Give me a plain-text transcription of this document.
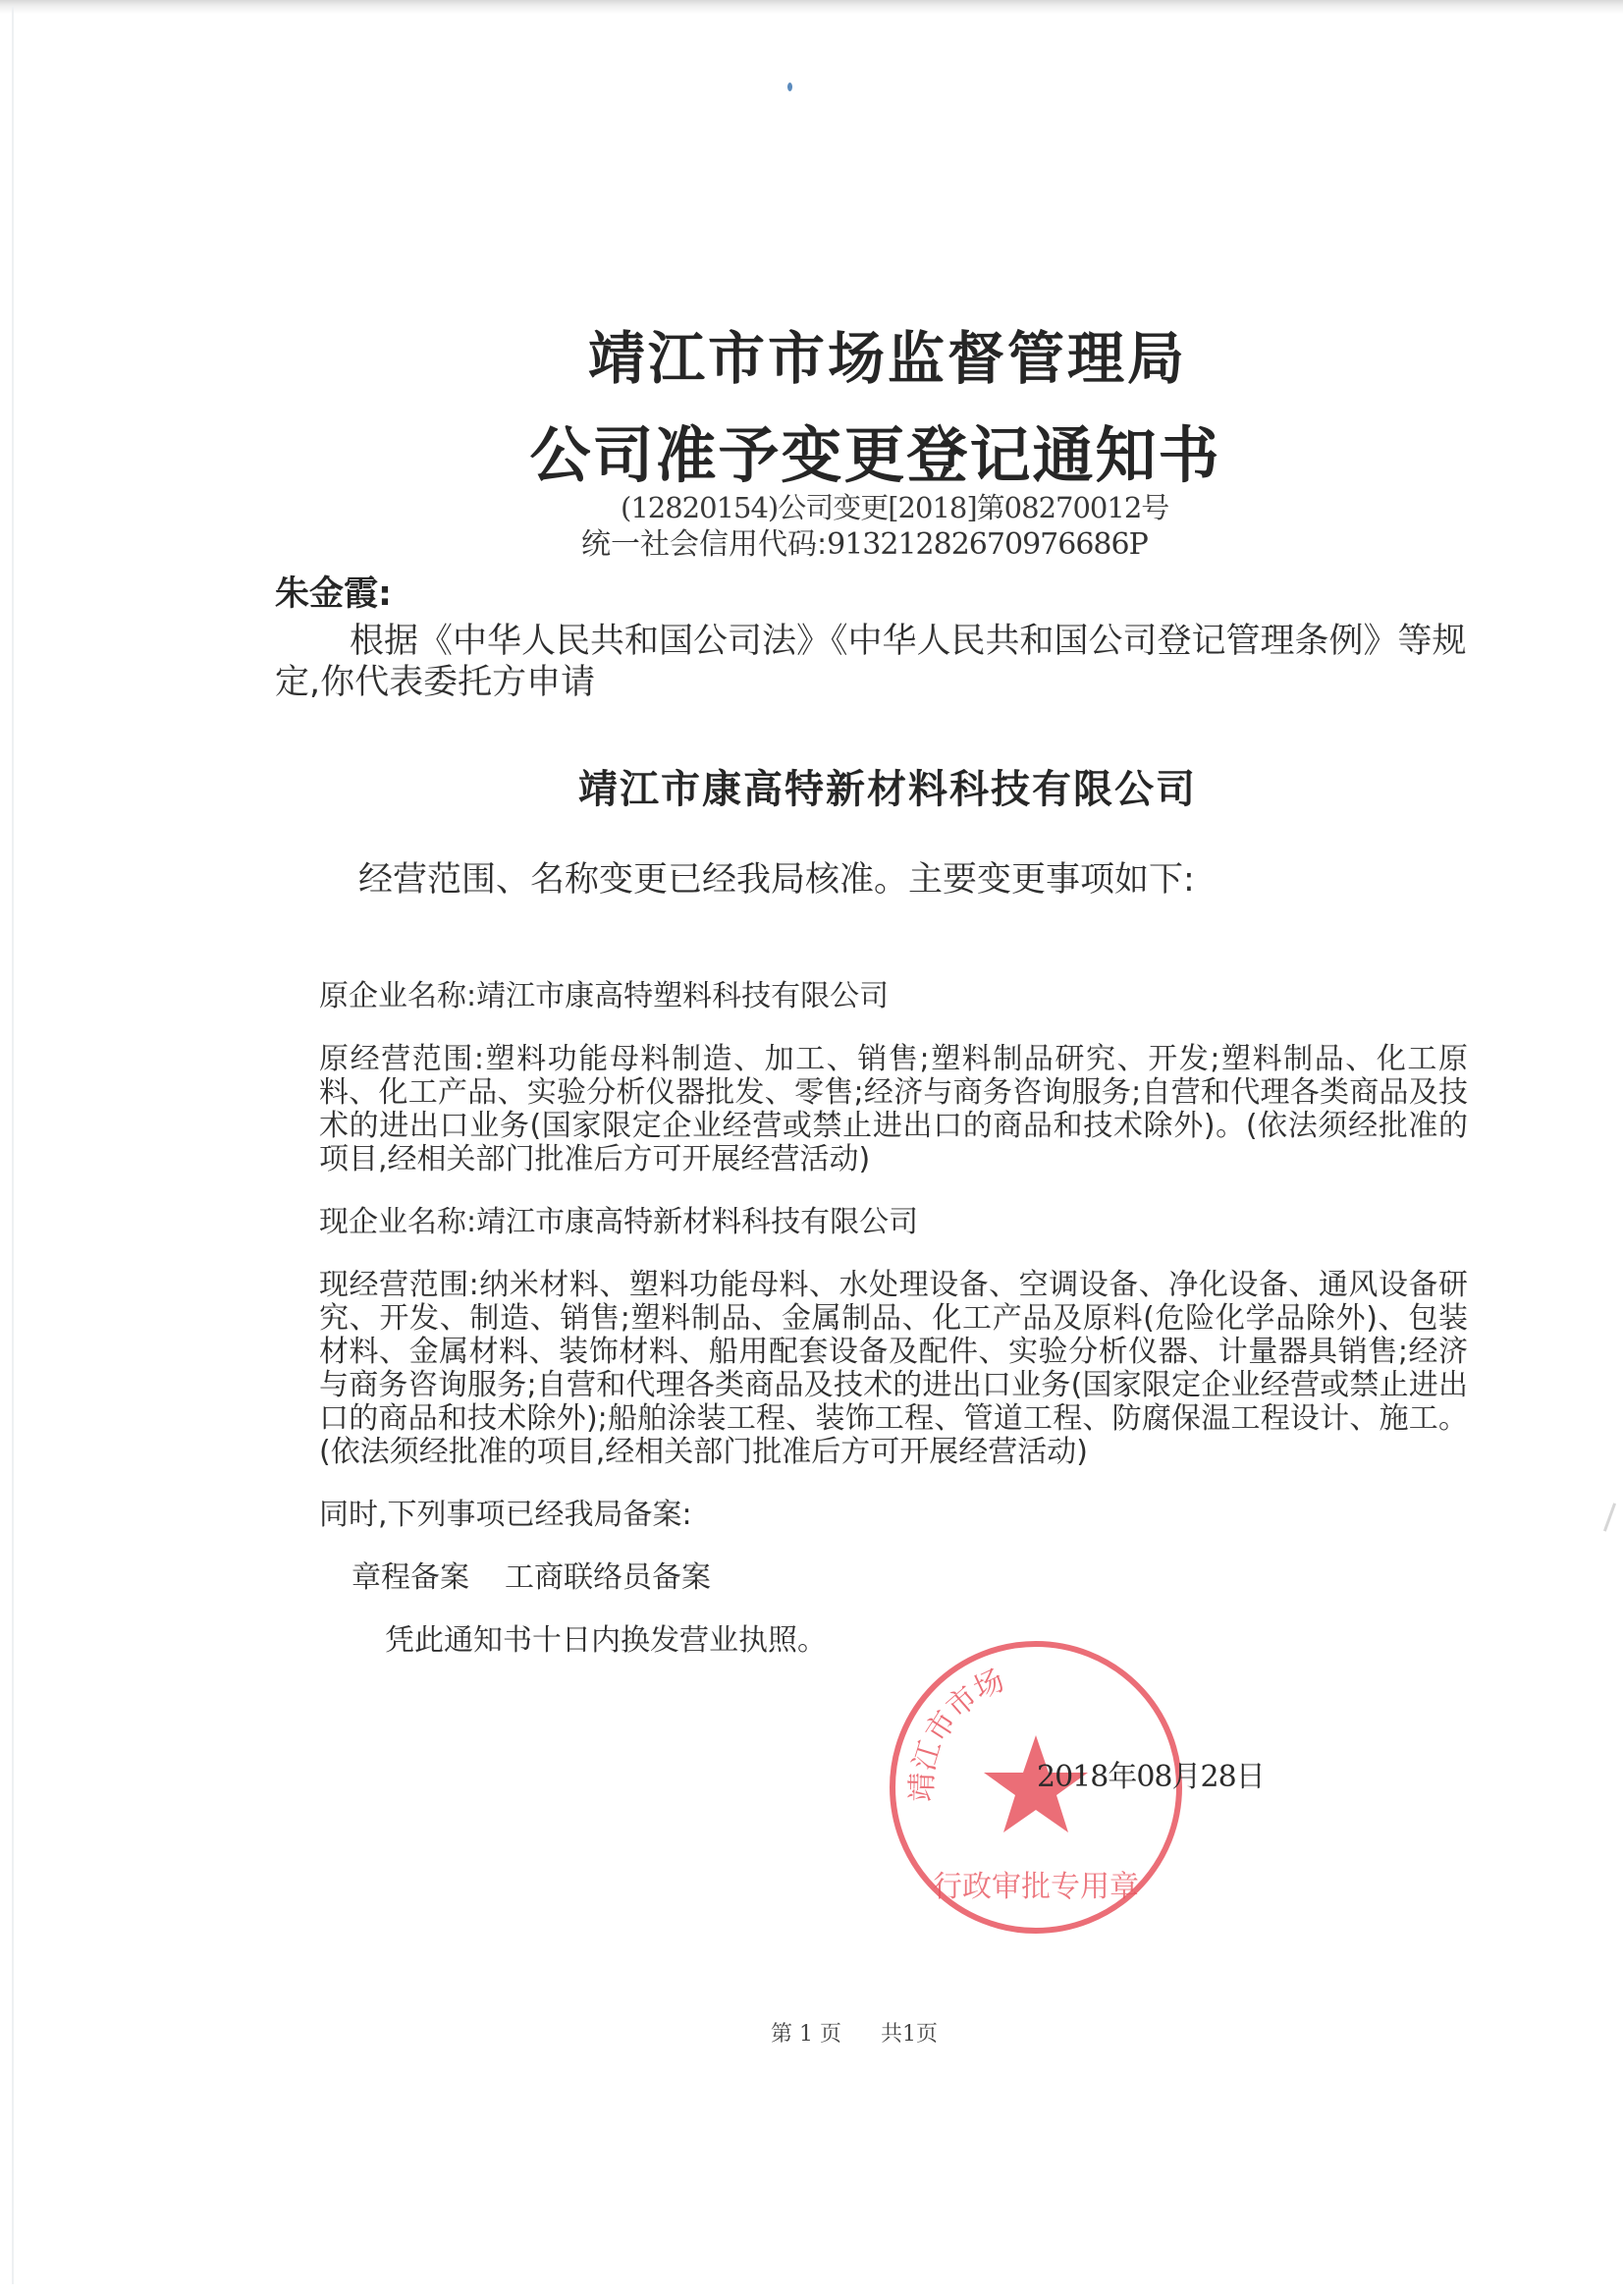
靖江市市场监督管理局
公司准予变更登记通知书
(12820154)公司变更[2018]第08270012号
统一社会信用代码:91321282670976686P
朱金霞:
根据《中华人民共和国公司法》《中华人民共和国公司登记管理条例》等规定,你代表委托方申请
靖江市康高特新材料科技有限公司
经营范围、名称变更已经我局核准。主要变更事项如下:
原企业名称:靖江市康高特塑料科技有限公司
原经营范围:塑料功能母料制造、加工、销售;塑料制品研究、开发;塑料制品、化工原料、化工产品、实验分析仪器批发、零售;经济与商务咨询服务;自营和代理各类商品及技术的进出口业务(国家限定企业经营或禁止进出口的商品和技术除外)。(依法须经批准的项目,经相关部门批准后方可开展经营活动)
现企业名称:靖江市康高特新材料科技有限公司
现经营范围:纳米材料、塑料功能母料、水处理设备、空调设备、净化设备、通风设备研究、开发、制造、销售;塑料制品、金属制品、化工产品及原料(危险化学品除外)、包装材料、金属材料、装饰材料、船用配套设备及配件、实验分析仪器、计量器具销售;经济与商务咨询服务;自营和代理各类商品及技术的进出口业务(国家限定企业经营或禁止进出口的商品和技术除外);船舶涂装工程、装饰工程、管道工程、防腐保温工程设计、施工。(依法须经批准的项目,经相关部门批准后方可开展经营活动)
同时,下列事项已经我局备案:
章程备案 工商联络员备案
凭此通知书十日内换发营业执照。
靖江市市场
行政审批专用章
2018年08月28日
第 1 页 共1页
